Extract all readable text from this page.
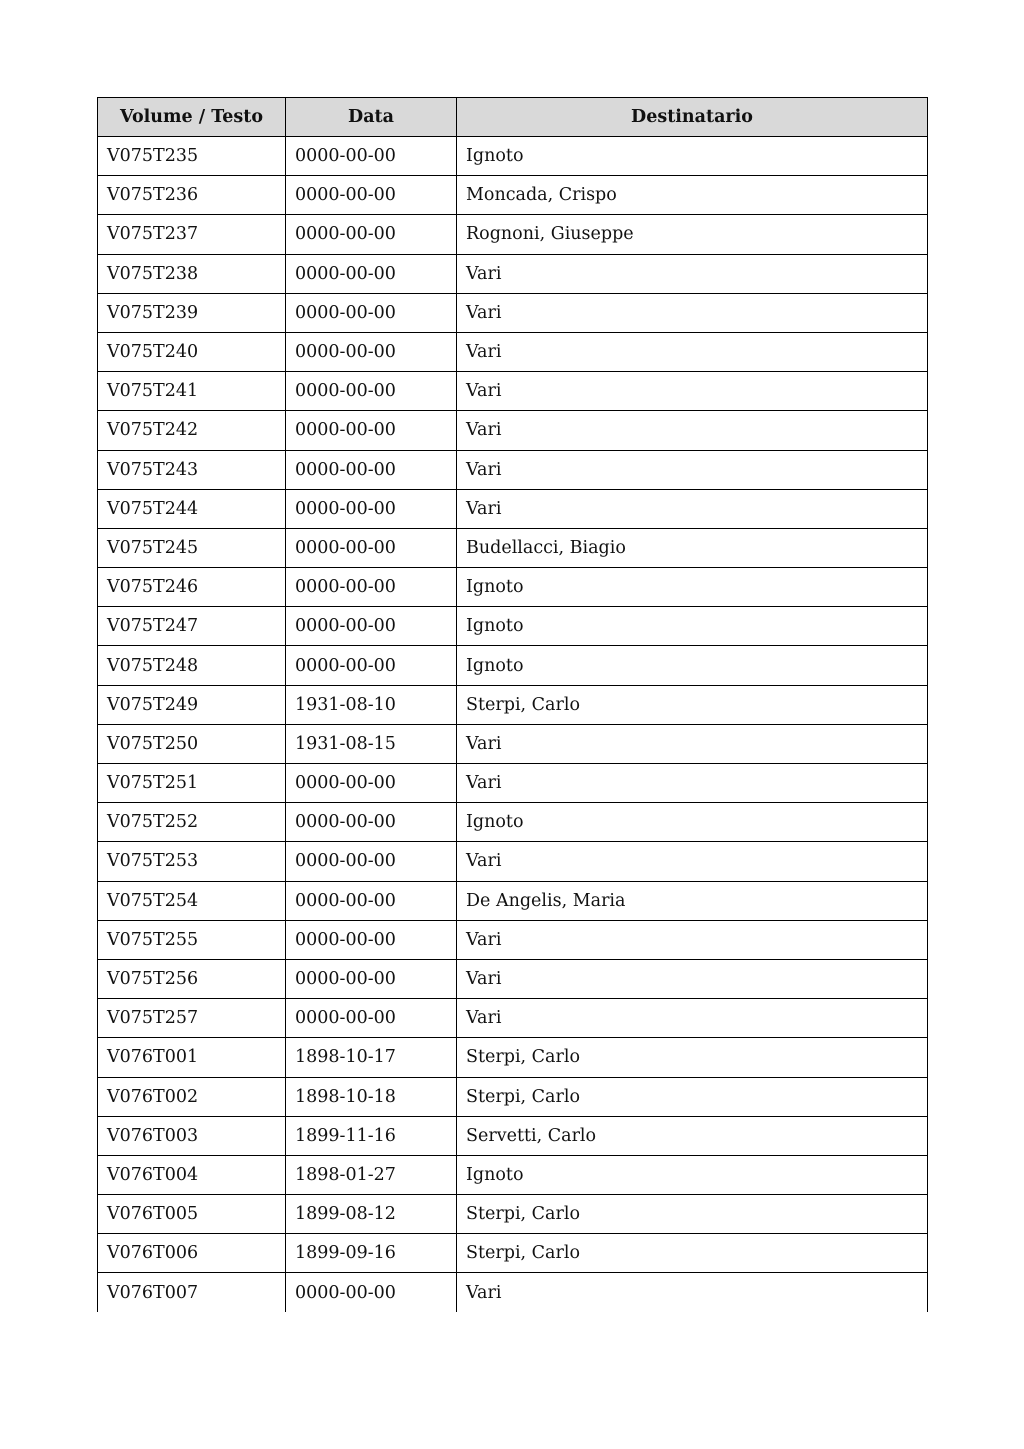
Volume / Testo	Data	Destinatario
V075T235	0000-00-00	Ignoto
V075T236	0000-00-00	Moncada, Crispo
V075T237	0000-00-00	Rognoni, Giuseppe
V075T238	0000-00-00	Vari
V075T239	0000-00-00	Vari
V075T240	0000-00-00	Vari
V075T241	0000-00-00	Vari
V075T242	0000-00-00	Vari
V075T243	0000-00-00	Vari
V075T244	0000-00-00	Vari
V075T245	0000-00-00	Budellacci, Biagio
V075T246	0000-00-00	Ignoto
V075T247	0000-00-00	Ignoto
V075T248	0000-00-00	Ignoto
V075T249	1931-08-10	Sterpi, Carlo
V075T250	1931-08-15	Vari
V075T251	0000-00-00	Vari
V075T252	0000-00-00	Ignoto
V075T253	0000-00-00	Vari
V075T254	0000-00-00	De Angelis, Maria
V075T255	0000-00-00	Vari
V075T256	0000-00-00	Vari
V075T257	0000-00-00	Vari
V076T001	1898-10-17	Sterpi, Carlo
V076T002	1898-10-18	Sterpi, Carlo
V076T003	1899-11-16	Servetti, Carlo
V076T004	1898-01-27	Ignoto
V076T005	1899-08-12	Sterpi, Carlo
V076T006	1899-09-16	Sterpi, Carlo
V076T007	0000-00-00	Vari
